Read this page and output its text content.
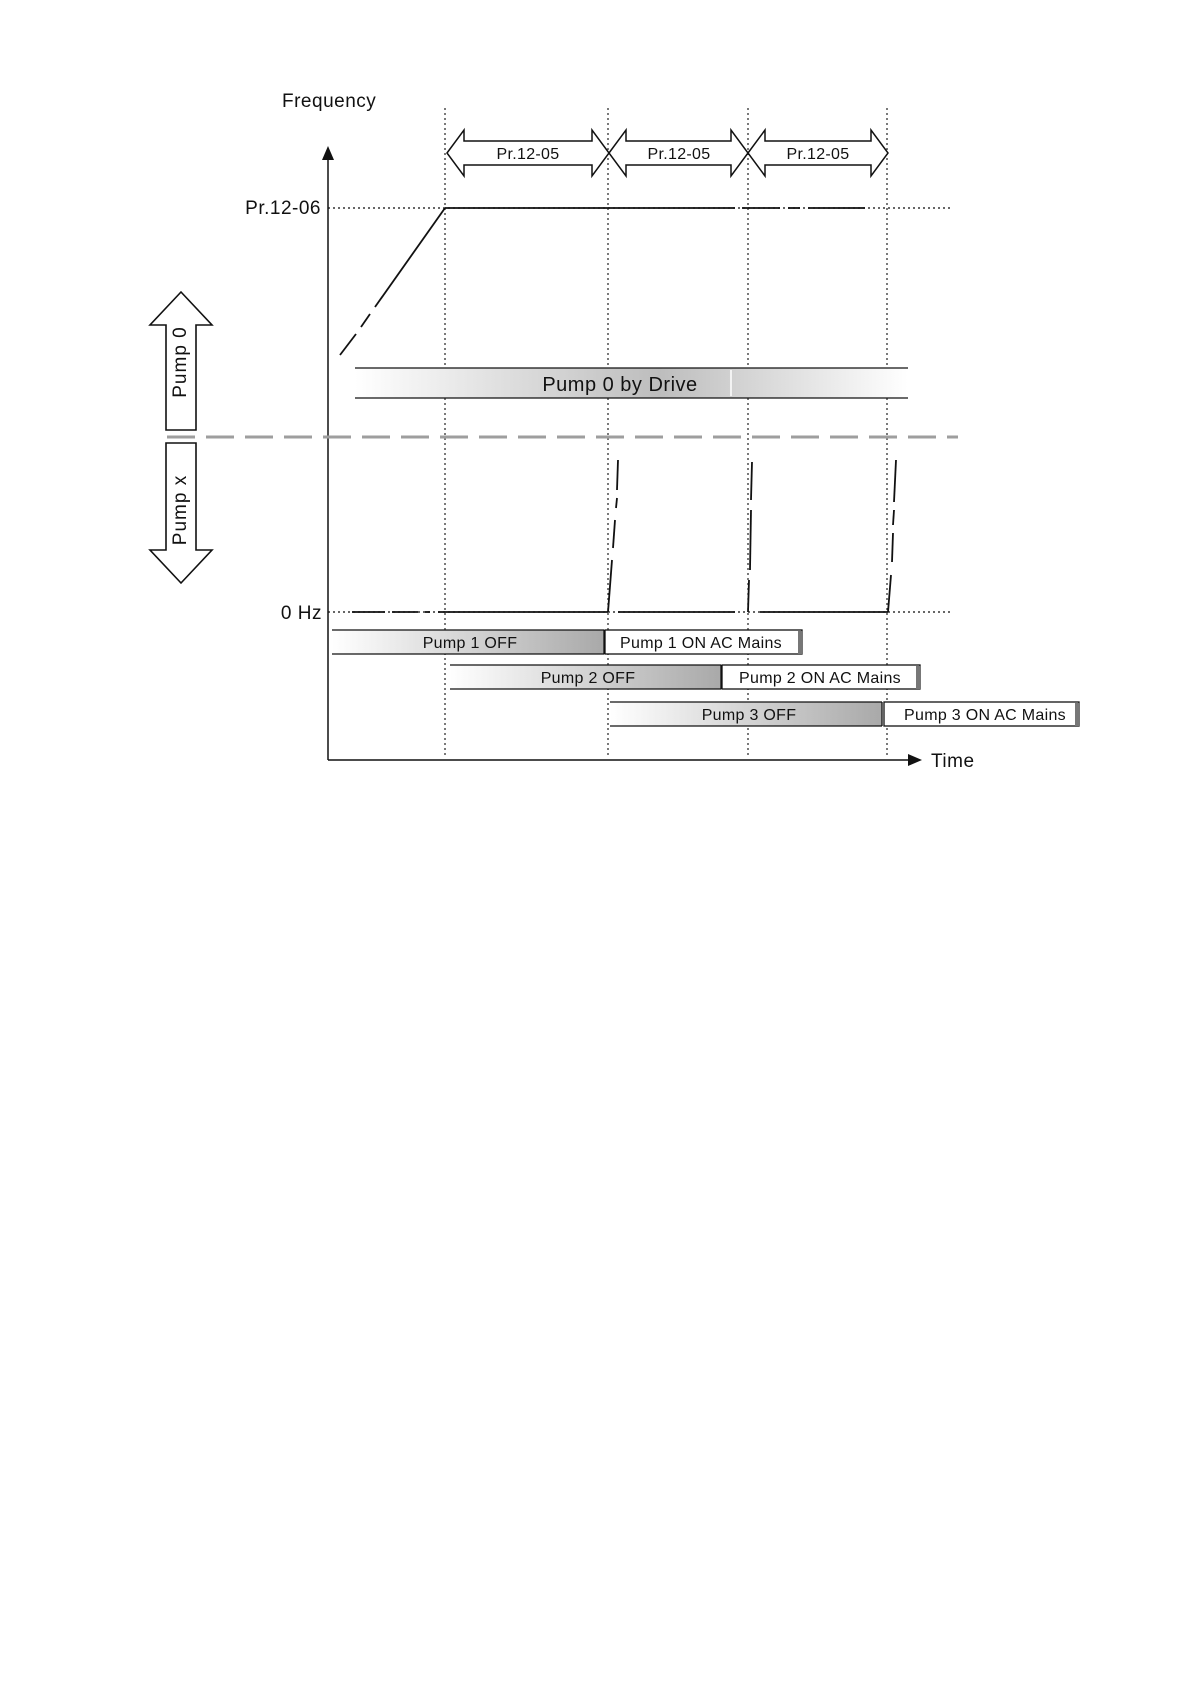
Frequency
Time
Pr.12-06
0 Hz
Pr.12-05	Pr.12-05	Pr.12-05
Pump 0 by Drive
Pump 0
Pump x
Pump 1 OFF	Pump 1 ON AC Mains
Pump 2 OFF	Pump 2 ON AC Mains
Pump 3 OFF	Pump 3 ON AC Mains
